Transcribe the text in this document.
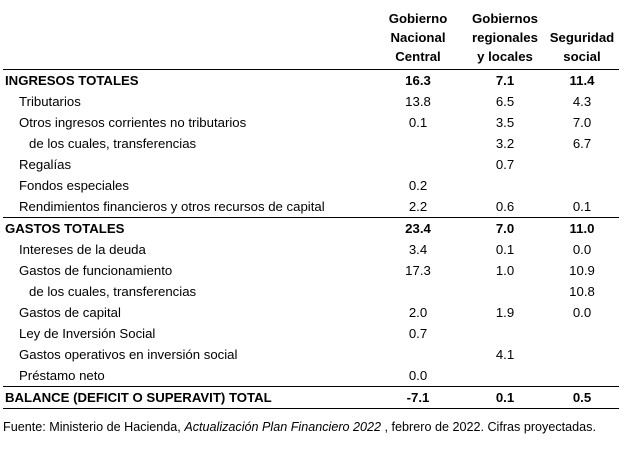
	Gobierno
Nacional
Central	Gobiernos
regionales
y locales	Seguridad
social
INGRESOS TOTALES	16.3	7.1	11.4
Tributarios	13.8	6.5	4.3
Otros ingresos corrientes no tributarios	0.1	3.5	7.0
de los cuales, transferencias		3.2	6.7
Regalías		0.7	
Fondos especiales	0.2		
Rendimientos financieros y otros recursos de capital	2.2	0.6	0.1
GASTOS TOTALES	23.4	7.0	11.0
Intereses de la deuda	3.4	0.1	0.0
Gastos de funcionamiento	17.3	1.0	10.9
de los cuales, transferencias			10.8
Gastos de capital	2.0	1.9	0.0
Ley de Inversión Social	0.7		
Gastos operativos en inversión social		4.1	
Préstamo neto	0.0		
BALANCE (DEFICIT O SUPERAVIT) TOTAL	-7.1	0.1	0.5
Fuente: Ministerio de Hacienda, Actualización Plan Financiero 2022 , febrero de 2022. Cifras proyectadas.
